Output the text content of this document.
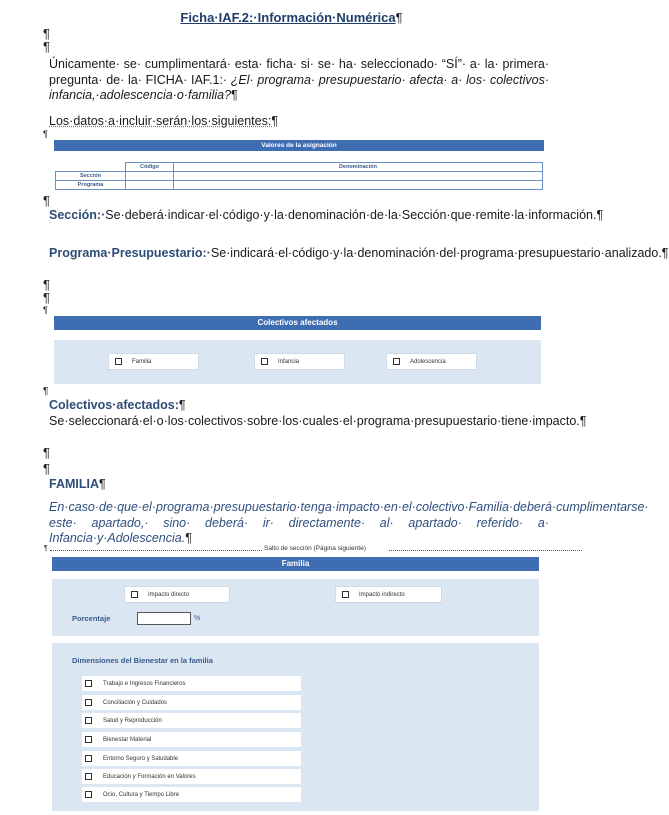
Ficha·IAF.2:·Información·Numérica¶
¶
¶
Únicamente· se· cumplimentará· esta· ficha· si· se· ha· seleccionado· “SÍ”· a· la· primera· pregunta· de· la· FICHA· IAF.1:· ¿El· programa· presupuestario· afecta· a· los· colectivos· infancia,·adolescencia·o·familia?¶
Los·datos·a·incluir·serán·los·siguientes:¶
¶
Valores de la asignación
	Código	Denominación
Sección		
Programa		
¶
Sección:·Se·deberá·indicar·el·código·y·la·denominación·de·la·Sección·que·remite·la·información.¶
Programa·Presupuestario:·Se·indicará·el·código·y·la·denominación·del·programa·presupuestario·analizado.¶
¶
¶
¶
Colectivos afectados
Familia	Infancia	Adolescencia
¶
Colectivos·afectados:¶
Se·seleccionará·el·o·los·colectivos·sobre·los·cuales·el·programa·presupuestario·tiene·impacto.¶
¶
¶
FAMILIA¶
En·caso·de·que·el·programa·presupuestario·tenga·impacto·en·el·colectivo·Familia·deberá·cumplimentarse· este· apartado,· sino· deberá· ir· directamente· al· apartado· referido· a· Infancia·y·Adolescencia.¶
¶	Salto de sección (Página siguiente)
Familia
Impacto directo	Impacto indirecto
Porcentaje	%
Dimensiones del Bienestar en la familia
Trabajo e Ingresos Financieros
Conciliación y Cuidados
Salud y Reproducción
Bienestar Material
Entorno Seguro y Saludable
Educación y Formación en Valores
Ocio, Cultura y Tiempo Libre
